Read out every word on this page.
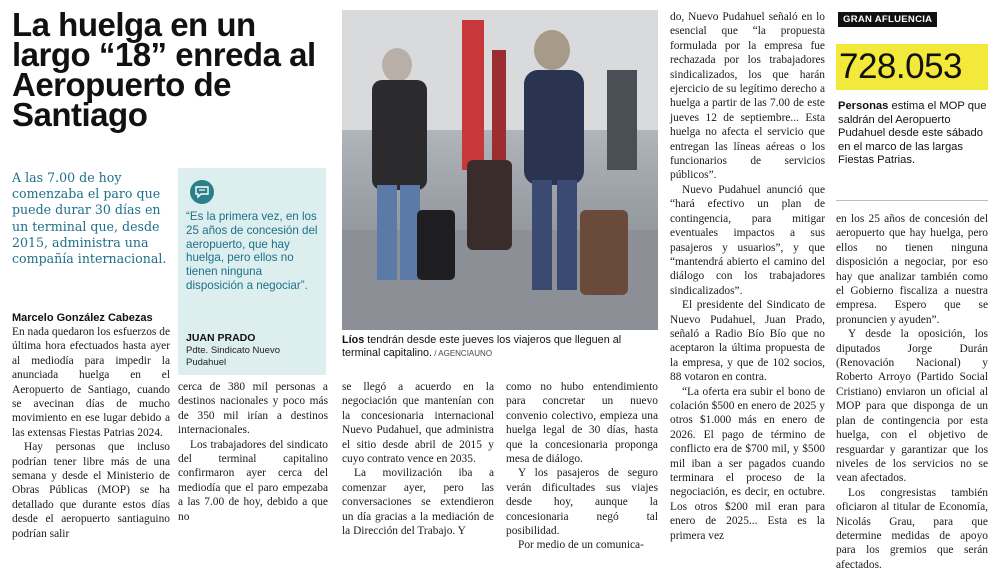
La huelga en un largo “18” enreda al Aeropuerto de Santiago
A las 7.00 de hoy comenzaba el paro que puede durar 30 días en un terminal que, desde 2015, administra una compañía internacional.
Marcelo González Cabezas

En nada quedaron los esfuerzos de última hora efectuados hasta ayer al mediodía para impedir la anunciada huelga en el Aeropuerto de Santiago, cuando se avecinan días de mucho movimiento en ese lugar debido a las extensas Fiestas Patrias 2024.

Hay personas que incluso podrían tener libre más de una semana y desde el Ministerio de Obras Públicas (MOP) se ha detallado que durante estos días desde el aeropuerto santiaguino podrían salir

“Es la primera vez, en los 25 años de concesión del aeropuerto, que hay huelga, pero ellos no tienen ninguna disposición a negociar”.
JUAN PRADO
Pdte. Sindicato Nuevo Pudahuel

cerca de 380 mil personas a destinos nacionales y poco más de 350 mil irían a destinos internacionales.

Los trabajadores del sindicato del terminal capitalino confirmaron ayer cerca del mediodía que el paro empezaba a las 7.00 de hoy, debido a que no

Líos tendrán desde este jueves los viajeros que lleguen al terminal capitalino. / AGENCIAUNO

se llegó a acuerdo en la negociación que mantenían con la concesionaria internacional Nuevo Pudahuel, que administra el sitio desde abril de 2015 y cuyo contrato vence en 2035.

La movilización iba a comenzar ayer, pero las conversaciones se extendieron un día gracias a la mediación de la Dirección del Trabajo. Y

como no hubo entendimiento para concretar un nuevo convenio colectivo, empieza una huelga legal de 30 días, hasta que la concesionaria proponga mesa de diálogo.

Y los pasajeros de seguro verán dificultades sus viajes desde hoy, aunque la concesionaria negó tal posibilidad.

Por medio de un comunica-

do, Nuevo Pudahuel señaló en lo esencial que “la propuesta formulada por la empresa fue rechazada por los trabajadores sindicalizados, los que harán ejercicio de su legítimo derecho a huelga a partir de las 7.00 de este jueves 12 de septiembre... Esta huelga no afecta el servicio que entregan las líneas aéreas o los funcionarios de servicios públicos”.

Nuevo Pudahuel anunció que “hará efectivo un plan de contingencia, para mitigar eventuales impactos a sus pasajeros y usuarios”, y que “mantendrá abierto el camino del diálogo con los trabajadores sindicalizados”.

El presidente del Sindicato de Nuevo Pudahuel, Juan Prado, señaló a Radio Bío Bío que no aceptaron la última propuesta de la empresa, y que de 102 socios, 88 votaron en contra.

“La oferta era subir el bono de colación $500 en enero de 2025 y otros $1.000 más en enero de 2026. El pago de término de conflicto era de $700 mil, y $500 mil iban a ser pagados cuando terminara el proceso de la negociación, es decir, en octubre. Los otros $200 mil eran para enero de 2025... Esta es la primera vez

GRAN AFLUENCIA
728.053
Personas estima el MOP que saldrán del Aeropuerto Pudahuel desde este sábado en el marco de las largas Fiestas Patrias.

en los 25 años de concesión del aeropuerto que hay huelga, pero ellos no tienen ninguna disposición a negociar, por eso hay que analizar también como el Gobierno fiscaliza a nuestra empresa. Espero que se pronuncien y ayuden”.

Y desde la oposición, los diputados Jorge Durán (Renovación Nacional) y Roberto Arroyo (Partido Social Cristiano) enviaron un oficial al MOP para que disponga de un plan de contingencia por esta huelga, con el objetivo de resguardar y garantizar que los niveles de los servicios no se vean afectados.

Los congresistas también oficiaron al titular de Economía, Nicolás Grau, para que determine medidas de apoyo para los gremios que serán afectados.
